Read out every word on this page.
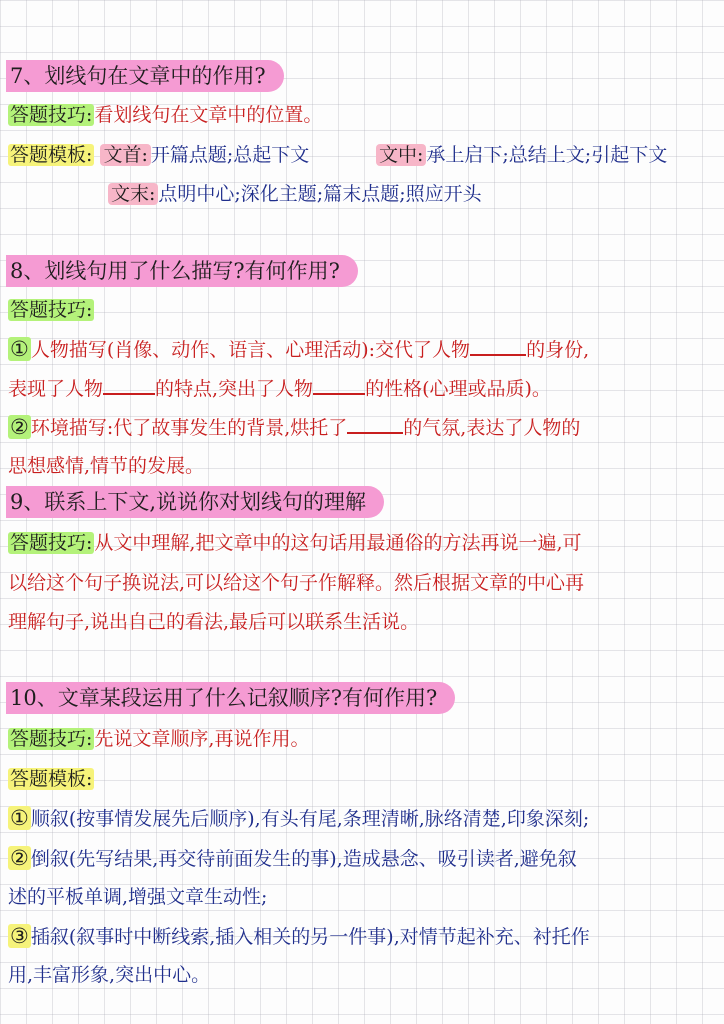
7、划线句在文章中的作用?
答题技巧: 看划线句在文章中的位置。
答题模板: 文首: 开篇点题;总起下文	文中: 承上启下;总结上文;引起下文
文末: 点明中心;深化主题;篇末点题;照应开头
8、划线句用了什么描写?有何作用?
答题技巧:
① 人物描写(肖像、动作、语言、心理活动):交代了人物	的身份,
表现了人物	的特点,突出了人物	的性格(心理或品质)。
② 环境描写:代了故事发生的背景,烘托了	的气氛,表达了人物的
思想感情,情节的发展。
9、联系上下文,说说你对划线句的理解
答题技巧: 从文中理解,把文章中的这句话用最通俗的方法再说一遍,可
以给这个句子换说法,可以给这个句子作解释。然后根据文章的中心再
理解句子,说出自己的看法,最后可以联系生活说。
10、文章某段运用了什么记叙顺序?有何作用?
答题技巧: 先说文章顺序,再说作用。
答题模板:
① 顺叙(按事情发展先后顺序),有头有尾,条理清晰,脉络清楚,印象深刻;
② 倒叙(先写结果,再交待前面发生的事),造成悬念、吸引读者,避免叙
述的平板单调,增强文章生动性;
③ 插叙(叙事时中断线索,插入相关的另一件事),对情节起补充、衬托作
用,丰富形象,突出中心。
